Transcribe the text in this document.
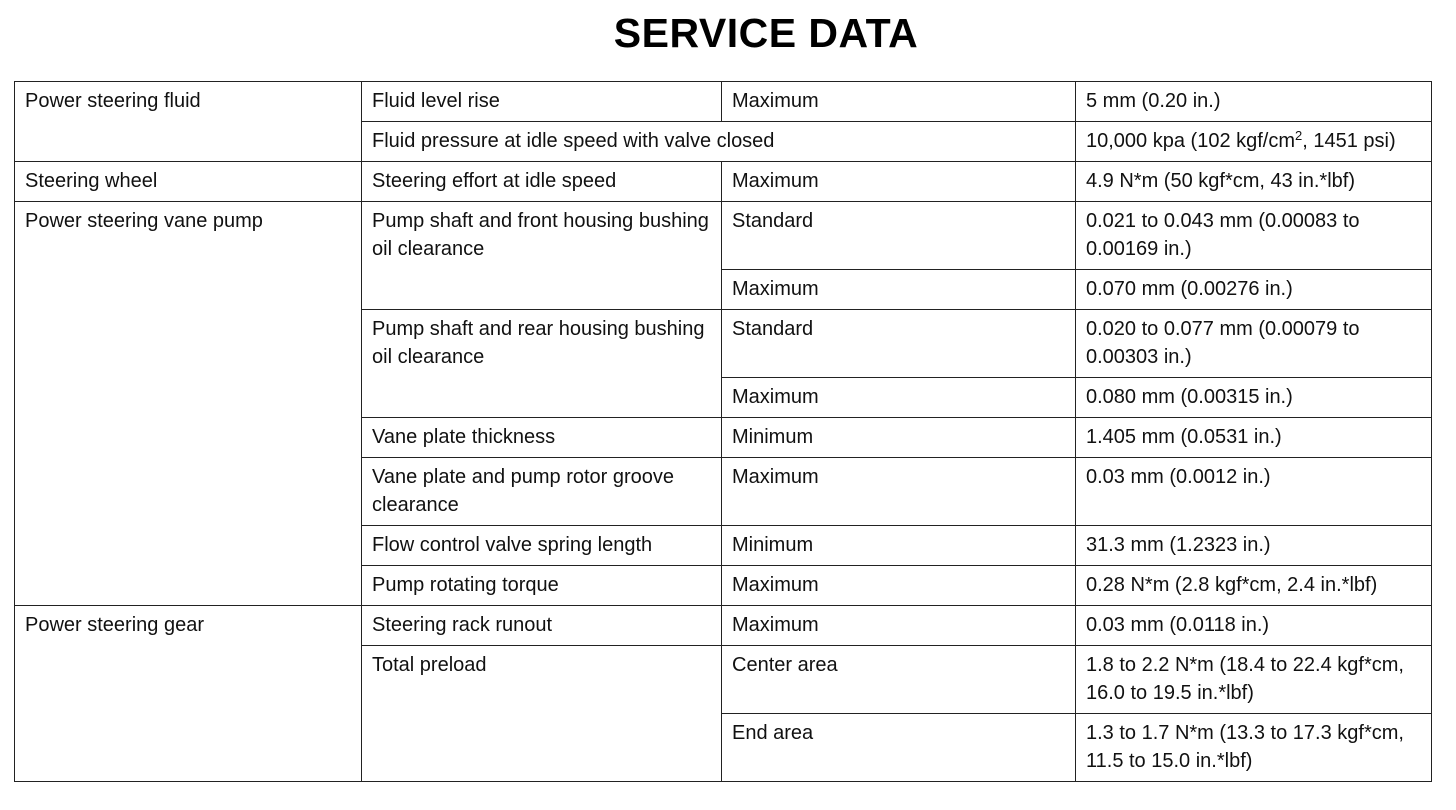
SERVICE DATA
Power steering fluid	Fluid level rise	Maximum	5 mm (0.20 in.)
	Fluid pressure at idle speed with valve closed		10,000 kpa (102 kgf/$cm^2$, 1451 psi)
Steering wheel	Steering effort at idle speed	Maximum	4.9 N*m (50 kgf*cm, 43 in.*lbf)
Power steering vane pump	Pump shaft and front housing bushing oil clearance	Standard	0.021 to 0.043 mm (0.00083 to 0.00169 in.)
		Maximum	0.070 mm (0.00276 in.)
	Pump shaft and rear housing bushing oil clearance	Standard	0.020 to 0.077 mm (0.00079 to 0.00303 in.)
		Maximum	0.080 mm (0.00315 in.)
	Vane plate thickness	Minimum	1.405 mm (0.0531 in.)
	Vane plate and pump rotor groove clearance	Maximum	0.03 mm (0.0012 in.)
	Flow control valve spring length	Minimum	31.3 mm (1.2323 in.)
	Pump rotating torque	Maximum	0.28 N*m (2.8 kgf*cm, 2.4 in.*lbf)
Power steering gear	Steering rack runout	Maximum	0.03 mm (0.0118 in.)
	Total preload	Center area	1.8 to 2.2 N*m (18.4 to 22.4 kgf*cm, 16.0 to 19.5 in.*lbf)
		End area	1.3 to 1.7 N*m (13.3 to 17.3 kgf*cm, 11.5 to 15.0 in.*lbf)
